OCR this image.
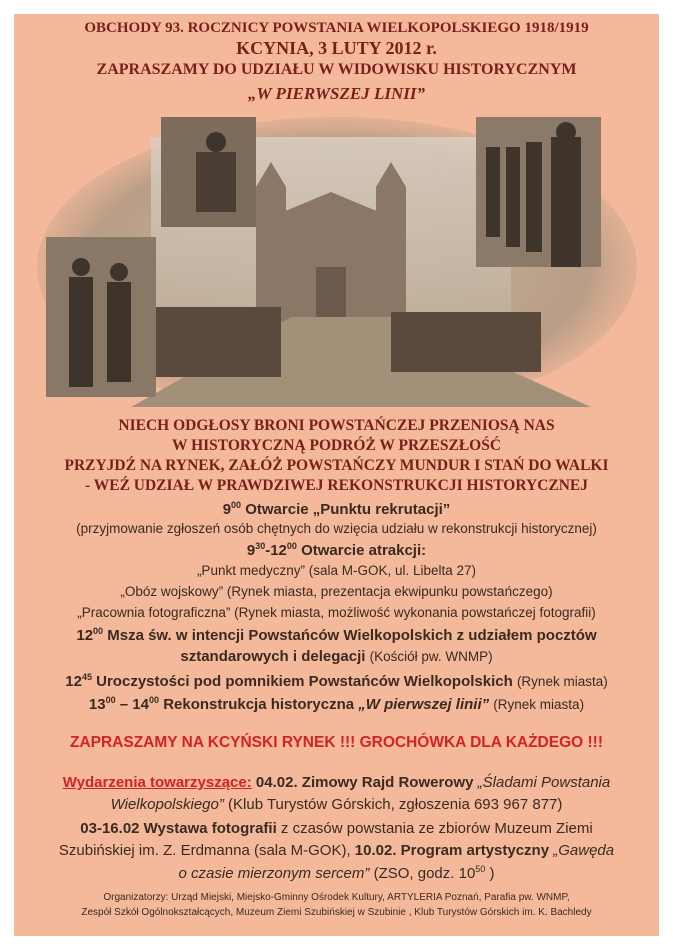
OBCHODY 93. ROCZNICY POWSTANIA WIELKOPOLSKIEGO 1918/1919
KCYNIA, 3 LUTY 2012 r.
ZAPRASZAMY DO UDZIAŁU W WIDOWISKU HISTORYCZNYM
„W PIERWSZEJ LINII”
NIECH ODGŁOSY BRONI POWSTAŃCZEJ PRZENIOSĄ NAS
W HISTORYCZNĄ PODRÓŻ W PRZESZŁOŚĆ
PRZYJDŹ NA RYNEK, ZAŁÓŻ POWSTAŃCZY MUNDUR I STAŃ DO WALKI
- WEŹ UDZIAŁ W PRAWDZIWEJ REKONSTRUKCJI HISTORYCZNEJ
$9^{00}$ Otwarcie „Punktu rekrutacji”
(przyjmowanie zgłoszeń osób chętnych do wzięcia udziału w rekonstrukcji historycznej)
$9^{30}-12^{00}$ Otwarcie atrakcji:
„Punkt medyczny” (sala M-GOK, ul. Libelta 27)
„Obóz wojskowy” (Rynek miasta, prezentacja ekwipunku powstańczego)
„Pracownia fotograficzna” (Rynek miasta, możliwość wykonania powstańczej fotografii)
$12^{00}$ Msza św. w intencji Powstańców Wielkopolskich z udziałem pocztów
sztandarowych i delegacji (Kościół pw. WNMP)
$12^{45}$ Uroczystości pod pomnikiem Powstańców Wielkopolskich (Rynek miasta)
$13^{00} - 14^{00}$ Rekonstrukcja historyczna „W pierwszej linii” (Rynek miasta)
ZAPRASZAMY NA KCYŃSKI RYNEK !!! GROCHÓWKA DLA KAŻDEGO !!!
Wydarzenia towarzyszące: 04.02. Zimowy Rajd Rowerowy „Śladami Powstania
Wielkopolskiego” (Klub Turystów Górskich, zgłoszenia 693 967 877)
03-16.02 Wystawa fotografii z czasów powstania ze zbiorów Muzeum Ziemi
Szubińskiej im. Z. Erdmanna (sala M-GOK), 10.02. Program artystyczny „Gawęda
o czasie mierzonym sercem” (ZSO, godz. $10^{50}$ )
Organizatorzy: Urząd Miejski, Miejsko-Gminny Ośrodek Kultury, ARTYLERIA Poznań, Parafia pw. WNMP,
Zespół Szkół Ogólnokształcących, Muzeum Ziemi Szubińskiej w Szubinie , Klub Turystów Górskich im. K. Bachledy
